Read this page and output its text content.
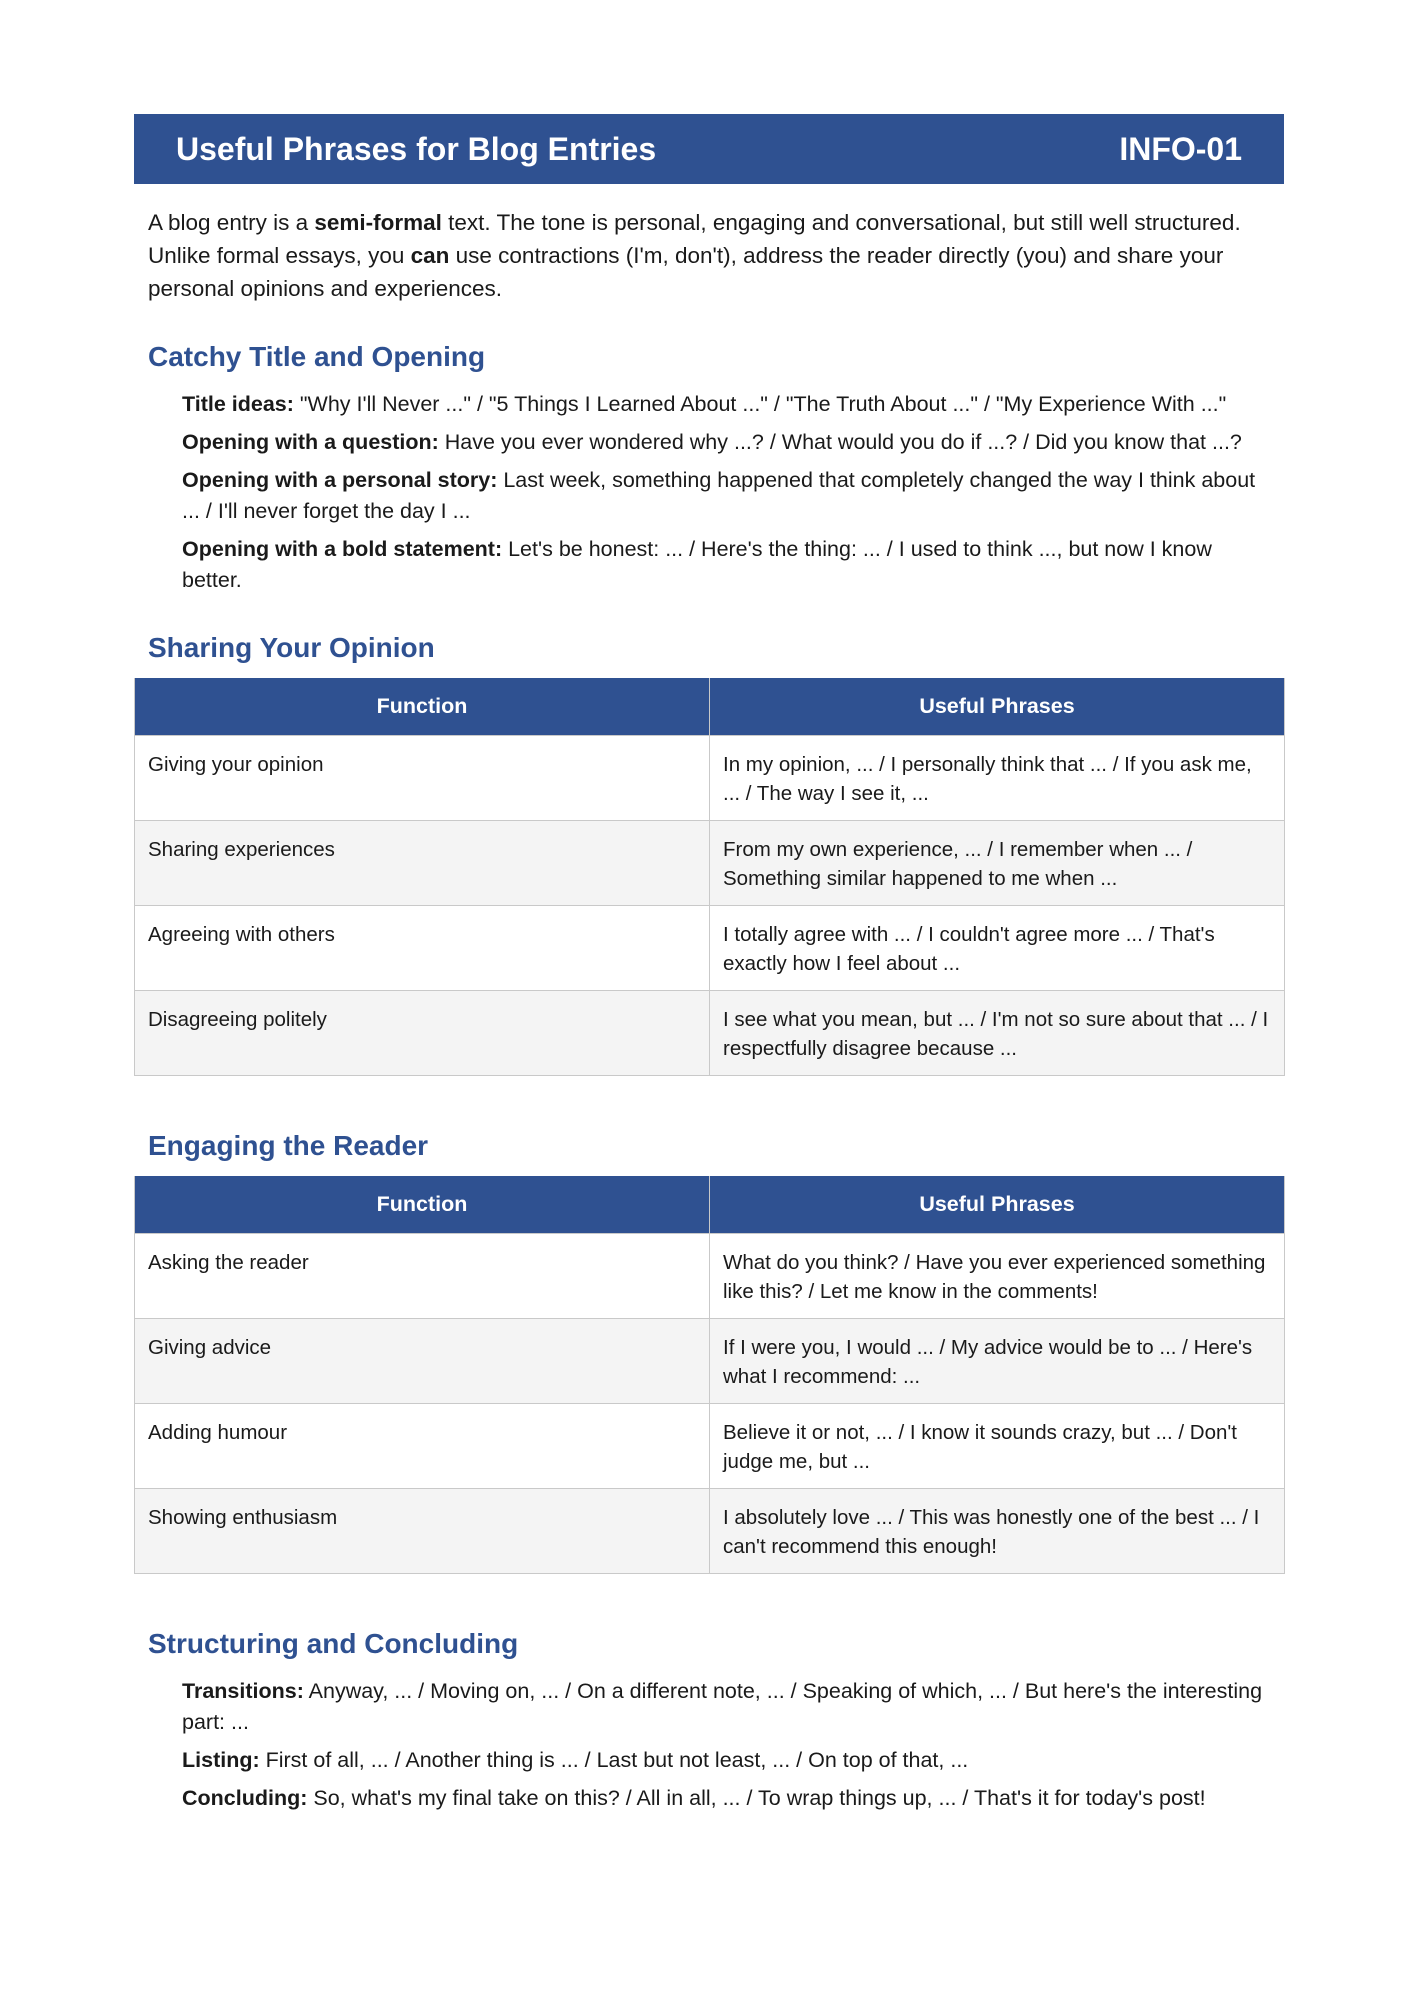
Useful Phrases for Blog Entries	INFO-01

A blog entry is a semi-formal text. The tone is personal, engaging and conversational, but still well structured. Unlike formal essays, you can use contractions (I'm, don't), address the reader directly (you) and share your personal opinions and experiences.

Catchy Title and Opening
Title ideas: "Why I'll Never ..." / "5 Things I Learned About ..." / "The Truth About ..." / "My Experience With ..."
Opening with a question: Have you ever wondered why ...? / What would you do if ...? / Did you know that ...?
Opening with a personal story: Last week, something happened that completely changed the way I think about ... / I'll never forget the day I ...
Opening with a bold statement: Let's be honest: ... / Here's the thing: ... / I used to think ..., but now I know better.
Sharing Your Opinion
Function	Useful Phrases
Giving your opinion	In my opinion, ... / I personally think that ... / If you ask me, ... / The way I see it, ...
Sharing experiences	From my own experience, ... / I remember when ... / Something similar happened to me when ...
Agreeing with others	I totally agree with ... / I couldn't agree more ... / That's exactly how I feel about ...
Disagreeing politely	I see what you mean, but ... / I'm not so sure about that ... / I respectfully disagree because ...
Engaging the Reader
Function	Useful Phrases
Asking the reader	What do you think? / Have you ever experienced something like this? / Let me know in the comments!
Giving advice	If I were you, I would ... / My advice would be to ... / Here's what I recommend: ...
Adding humour	Believe it or not, ... / I know it sounds crazy, but ... / Don't judge me, but ...
Showing enthusiasm	I absolutely love ... / This was honestly one of the best ... / I can't recommend this enough!
Structuring and Concluding
Transitions: Anyway, ... / Moving on, ... / On a different note, ... / Speaking of which, ... / But here's the interesting part: ...
Listing: First of all, ... / Another thing is ... / Last but not least, ... / On top of that, ...
Concluding: So, what's my final take on this? / All in all, ... / To wrap things up, ... / That's it for today's post!
